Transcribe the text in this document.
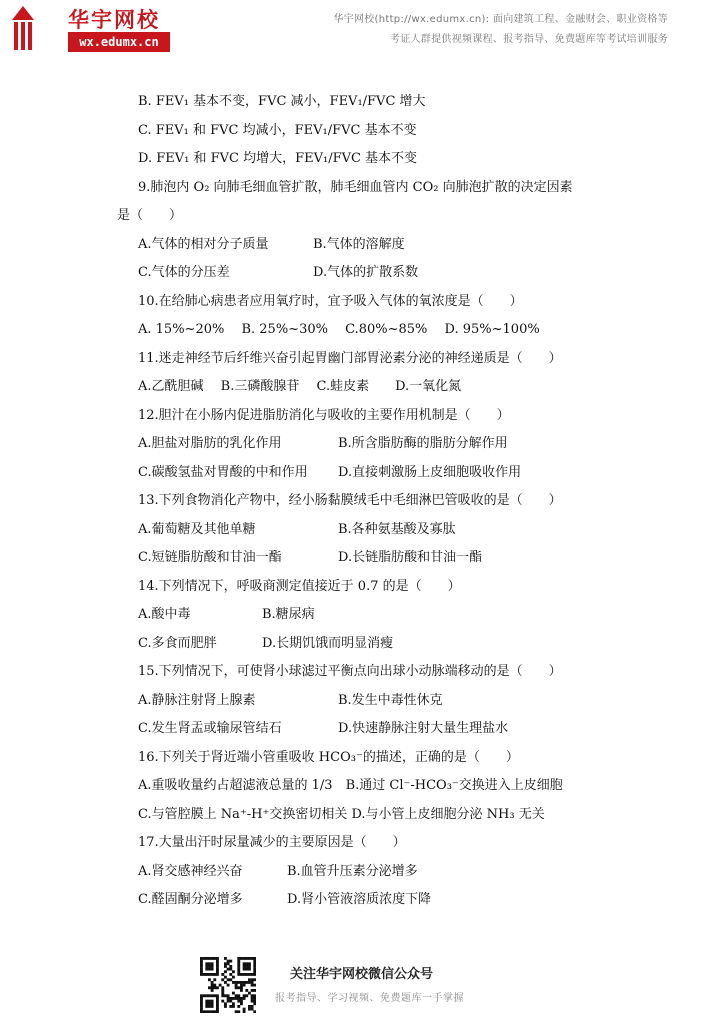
华宇网校
wx.edumx.cn
华宇网校(http://wx.edumx.cn): 面向建筑工程、金融财会、职业资格等
考证人群提供视频课程、报考指导、免费题库等考试培训服务
B. FEV₁ 基本不变，FVC 减小，FEV₁/FVC 增大
C. FEV₁ 和 FVC 均减小，FEV₁/FVC 基本不变
D. FEV₁ 和 FVC 均增大，FEV₁/FVC 基本不变
9.肺泡内 O₂ 向肺毛细血管扩散，肺毛细血管内 CO₂ 向肺泡扩散的决定因素
是（　　）
A.气体的相对分子质量	B.气体的溶解度
C.气体的分压差	D.气体的扩散系数
10.在给肺心病患者应用氧疗时，宜予吸入气体的氧浓度是（　　）
A. 15%~20%　 B. 25%~30%　 C.80%~85%　 D. 95%~100%
11.迷走神经节后纤维兴奋引起胃幽门部胃泌素分泌的神经递质是（　　）
A.乙酰胆碱　 B.三磷酸腺苷　 C.蛙皮素　　D.一氧化氮
12.胆汁在小肠内促进脂肪消化与吸收的主要作用机制是（　　）
A.胆盐对脂肪的乳化作用	B.所含脂肪酶的脂肪分解作用
C.碳酸氢盐对胃酸的中和作用 D.直接刺激肠上皮细胞吸收作用
13.下列食物消化产物中，经小肠黏膜绒毛中毛细淋巴管吸收的是（　　）
A.葡萄糖及其他单糖	B.各种氨基酸及寡肽
C.短链脂肪酸和甘油一酯	D.长链脂肪酸和甘油一酯
14.下列情况下，呼吸商测定值接近于 0.7 的是（　　）
A.酸中毒	B.糖尿病
C.多食而肥胖	D.长期饥饿而明显消瘦
15.下列情况下，可使肾小球滤过平衡点向出球小动脉端移动的是（　　）
A.静脉注射肾上腺素	B.发生中毒性休克
C.发生肾盂或输尿管结石	D.快速静脉注射大量生理盐水
16.下列关于肾近端小管重吸收 HCO₃⁻的描述，正确的是（　　）
A.重吸收量约占超滤液总量的 1/3　B.通过 Cl⁻-HCO₃⁻交换进入上皮细胞
C.与管腔膜上 Na⁺-H⁺交换密切相关 D.与小管上皮细胞分泌 NH₃ 无关
17.大量出汗时尿量减少的主要原因是（　　）
A.肾交感神经兴奋	B.血管升压素分泌增多
C.醛固酮分泌增多	D.肾小管液溶质浓度下降
关注华宇网校微信公众号
报考指导、学习视频、免费题库一手掌握
